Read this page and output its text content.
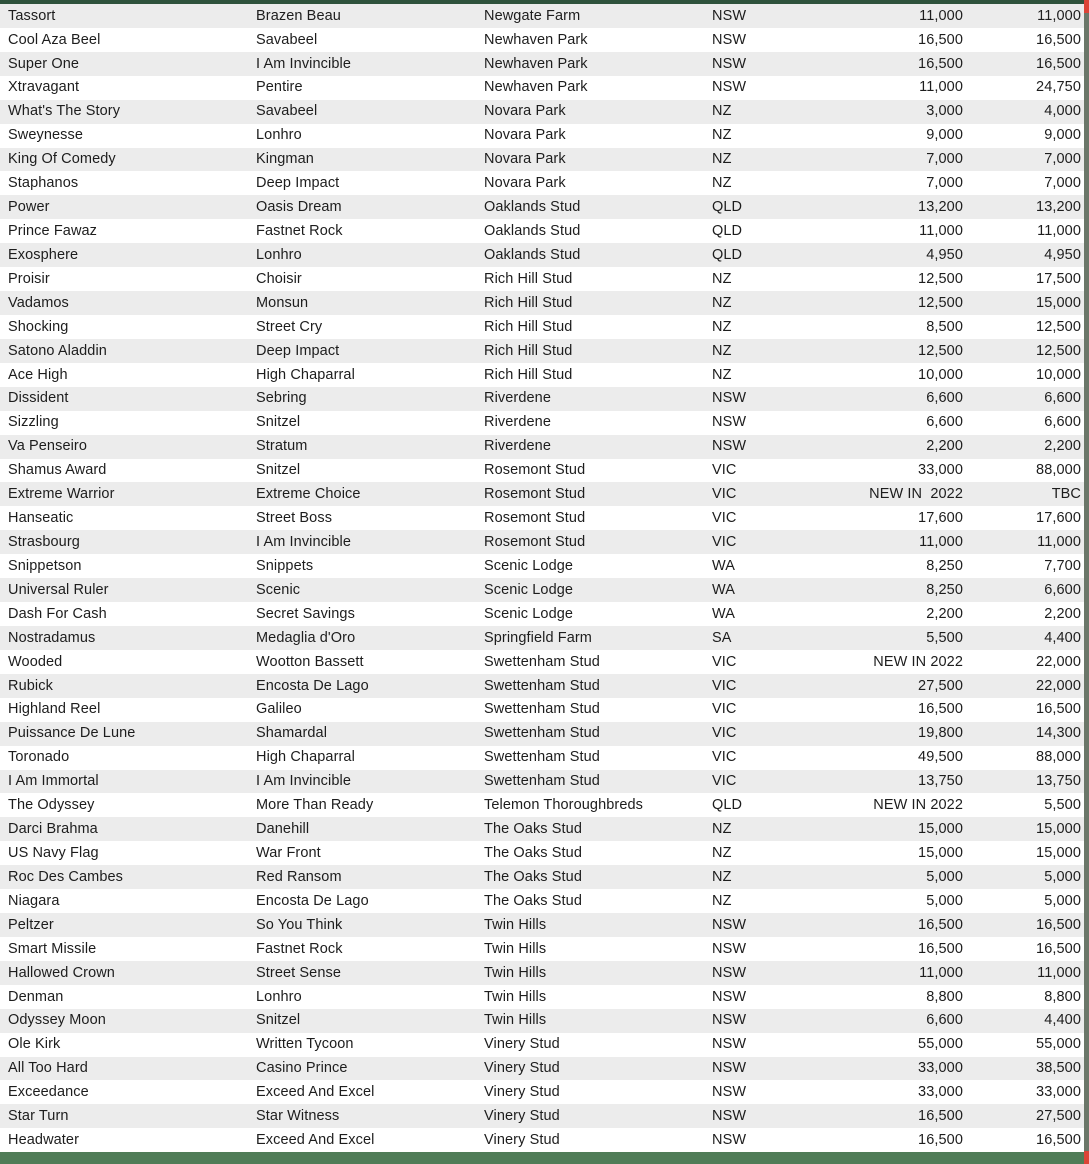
Tassort	Brazen Beau	Newgate Farm	NSW	11,000	11,000
Cool Aza Beel	Savabeel	Newhaven Park	NSW	16,500	16,500
Super One	I Am Invincible	Newhaven Park	NSW	16,500	16,500
Xtravagant	Pentire	Newhaven Park	NSW	11,000	24,750
What's The Story	Savabeel	Novara Park	NZ	3,000	4,000
Sweynesse	Lonhro	Novara Park	NZ	9,000	9,000
King Of Comedy	Kingman	Novara Park	NZ	7,000	7,000
Staphanos	Deep Impact	Novara Park	NZ	7,000	7,000
Power	Oasis Dream	Oaklands Stud	QLD	13,200	13,200
Prince Fawaz	Fastnet Rock	Oaklands Stud	QLD	11,000	11,000
Exosphere	Lonhro	Oaklands Stud	QLD	4,950	4,950
Proisir	Choisir	Rich Hill Stud	NZ	12,500	17,500
Vadamos	Monsun	Rich Hill Stud	NZ	12,500	15,000
Shocking	Street Cry	Rich Hill Stud	NZ	8,500	12,500
Satono Aladdin	Deep Impact	Rich Hill Stud	NZ	12,500	12,500
Ace High	High Chaparral	Rich Hill Stud	NZ	10,000	10,000
Dissident	Sebring	Riverdene	NSW	6,600	6,600
Sizzling	Snitzel	Riverdene	NSW	6,600	6,600
Va Penseiro	Stratum	Riverdene	NSW	2,200	2,200
Shamus Award	Snitzel	Rosemont Stud	VIC	33,000	88,000
Extreme Warrior	Extreme Choice	Rosemont Stud	VIC	NEW IN  2022	TBC
Hanseatic	Street Boss	Rosemont Stud	VIC	17,600	17,600
Strasbourg	I Am Invincible	Rosemont Stud	VIC	11,000	11,000
Snippetson	Snippets	Scenic Lodge	WA	8,250	7,700
Universal Ruler	Scenic	Scenic Lodge	WA	8,250	6,600
Dash For Cash	Secret Savings	Scenic Lodge	WA	2,200	2,200
Nostradamus	Medaglia d'Oro	Springfield Farm	SA	5,500	4,400
Wooded	Wootton Bassett	Swettenham Stud	VIC	NEW IN 2022	22,000
Rubick	Encosta De Lago	Swettenham Stud	VIC	27,500	22,000
Highland Reel	Galileo	Swettenham Stud	VIC	16,500	16,500
Puissance De Lune	Shamardal	Swettenham Stud	VIC	19,800	14,300
Toronado	High Chaparral	Swettenham Stud	VIC	49,500	88,000
I Am Immortal	I Am Invincible	Swettenham Stud	VIC	13,750	13,750
The Odyssey	More Than Ready	Telemon Thoroughbreds	QLD	NEW IN 2022	5,500
Darci Brahma	Danehill	The Oaks Stud	NZ	15,000	15,000
US Navy Flag	War Front	The Oaks Stud	NZ	15,000	15,000
Roc Des Cambes	Red Ransom	The Oaks Stud	NZ	5,000	5,000
Niagara	Encosta De Lago	The Oaks Stud	NZ	5,000	5,000
Peltzer	So You Think	Twin Hills	NSW	16,500	16,500
Smart Missile	Fastnet Rock	Twin Hills	NSW	16,500	16,500
Hallowed Crown	Street Sense	Twin Hills	NSW	11,000	11,000
Denman	Lonhro	Twin Hills	NSW	8,800	8,800
Odyssey Moon	Snitzel	Twin Hills	NSW	6,600	4,400
Ole Kirk	Written Tycoon	Vinery Stud	NSW	55,000	55,000
All Too Hard	Casino Prince	Vinery Stud	NSW	33,000	38,500
Exceedance	Exceed And Excel	Vinery Stud	NSW	33,000	33,000
Star Turn	Star Witness	Vinery Stud	NSW	16,500	27,500
Headwater	Exceed And Excel	Vinery Stud	NSW	16,500	16,500
